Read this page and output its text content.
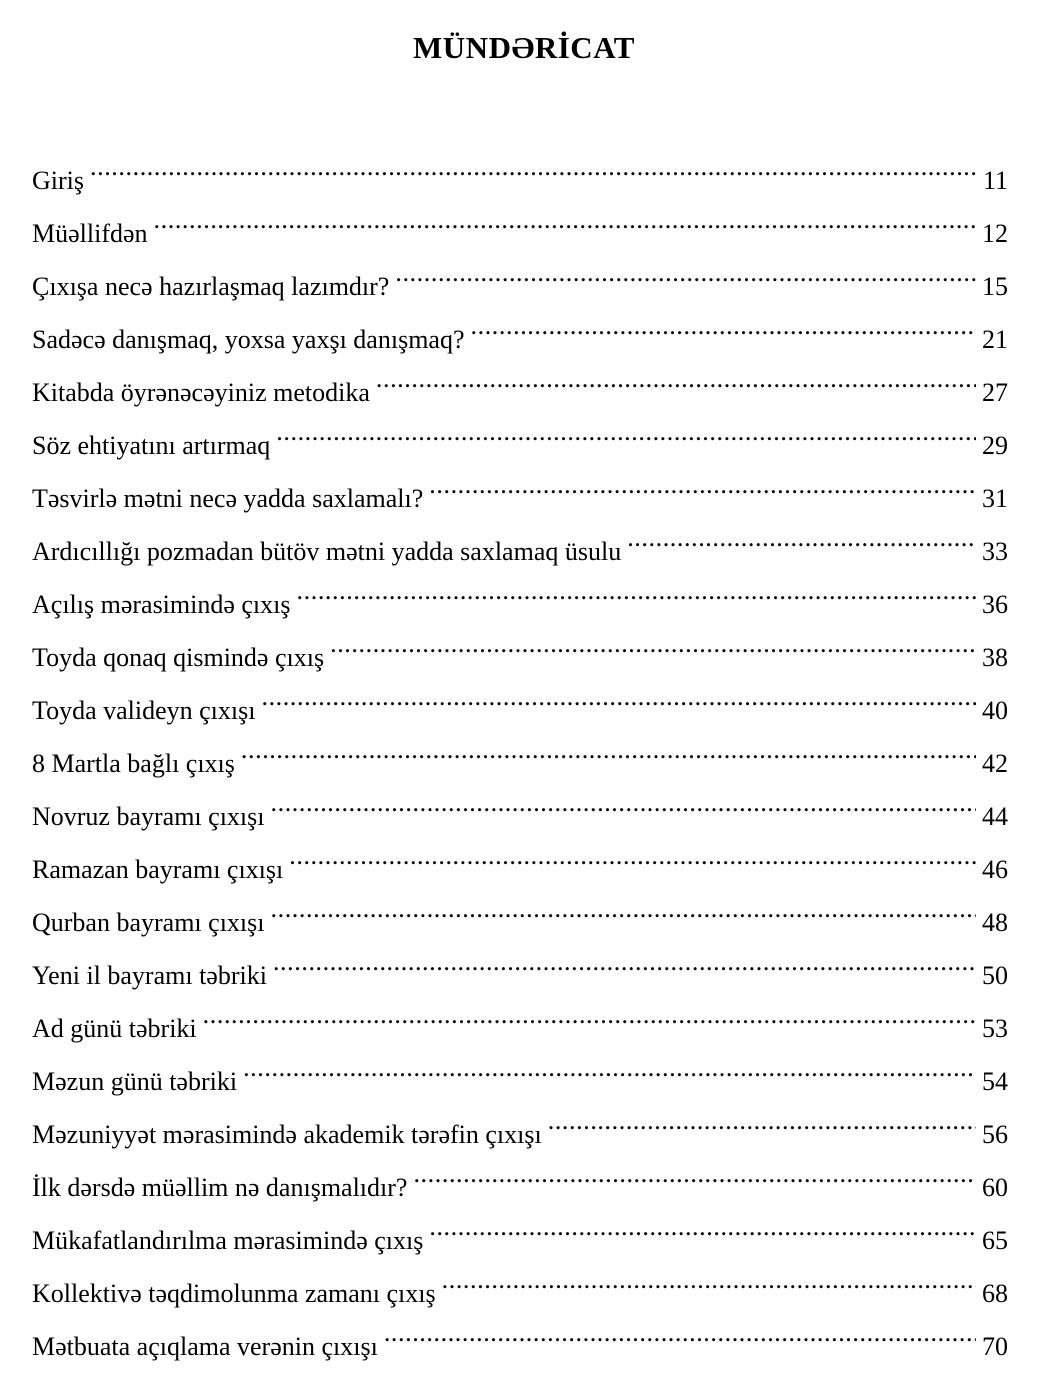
MÜNDƏRİCAT
Giriş .....	11
Müəllifdən .....	12
Çıxışa necə hazırlaşmaq lazımdır? .....	15
Sadəcə danışmaq, yoxsa yaxşı danışmaq? .....	21
Kitabda öyrənəcəyiniz metodika .....	27
Söz ehtiyatını artırmaq .....	29
Təsvirlə mətni necə yadda saxlamalı? .....	31
Ardıcıllığı pozmadan bütöv mətni yadda saxlamaq üsulu .....	33
Açılış mərasimində çıxış .....	36
Toyda qonaq qismində çıxış .....	38
Toyda valideyn çıxışı .....	40
8 Martla bağlı çıxış .....	42
Novruz bayramı çıxışı .....	44
Ramazan bayramı çıxışı .....	46
Qurban bayramı çıxışı .....	48
Yeni il bayramı təbriki .....	50
Ad günü təbriki .....	53
Məzun günü təbriki .....	54
Məzuniyyət mərasimində akademik tərəfin çıxışı .....	56
İlk dərsdə müəllim nə danışmalıdır? .....	60
Mükafatlandırılma mərasimində çıxış .....	65
Kollektivə təqdimolunma zamanı çıxış .....	68
Mətbuata açıqlama verənin çıxışı .....	70
